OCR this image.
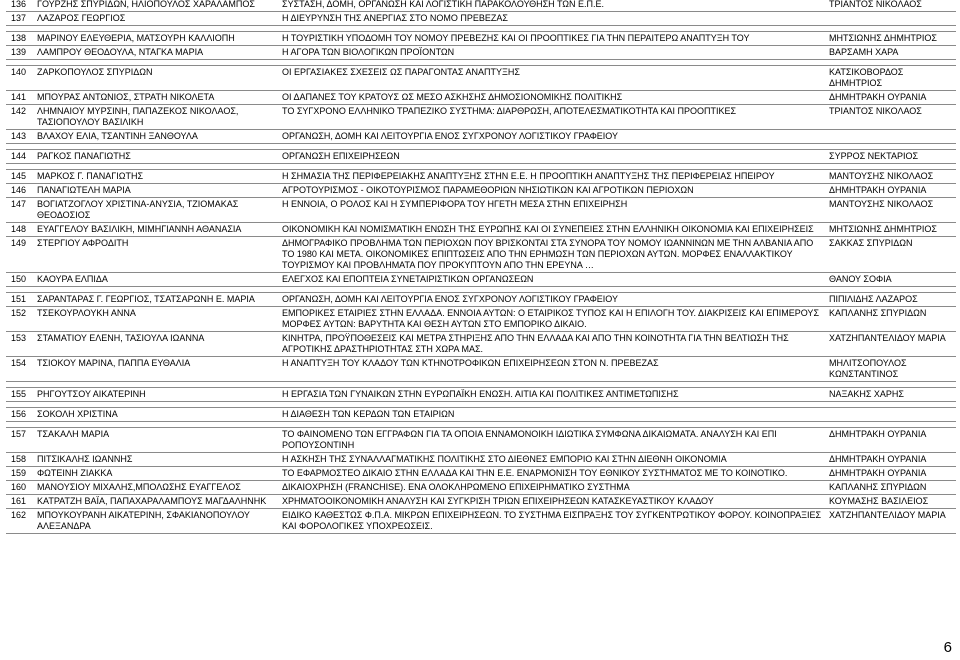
136	ΓΟΥΡΖΗΣ ΣΠΥΡΙΔΩΝ, ΗΛΙΟΠΟΥΛΟΣ ΧΑΡΑΛΑΜΠΟΣ	ΣΥΣΤΑΣΗ, ΔΟΜΗ, ΟΡΓΑΝΩΣΗ ΚΑΙ ΛΟΓΙΣΤΙΚΗ ΠΑΡΑΚΟΛΟΥΘΗΣΗ ΤΩΝ Ε.Π.Ε.	ΤΡΙΑΝΤΟΣ ΝΙΚΟΛΑΟΣ
137	ΛΑΖΑΡΟΣ ΓΕΩΡΓΙΟΣ	Η ΔΙΕΥΡΥΝΣΗ ΤΗΣ ΑΝΕΡΓΙΑΣ ΣΤΟ ΝΟΜΟ ΠΡΕΒΕΖΑΣ	

138	ΜΑΡΙΝΟΥ ΕΛΕΥΘΕΡΙΑ, ΜΑΤΣΟΥΡΗ ΚΑΛΛΙΟΠΗ	Η ΤΟΥΡΙΣΤΙΚΗ ΥΠΟΔΟΜΗ ΤΟΥ ΝΟΜΟΥ ΠΡΕΒΕΖΗΣ ΚΑΙ ΟΙ ΠΡΟΟΠΤΙΚΕΣ ΓΙΑ ΤΗΝ ΠΕΡΑΙΤΕΡΩ ΑΝΑΠΤΥΞΗ ΤΟΥ	ΜΗΤΣΙΩΝΗΣ ΔΗΜΗΤΡΙΟΣ
139	ΛΑΜΠΡΟΥ ΘΕΟΔΟΥΛΑ, ΝΤΑΓΚΑ ΜΑΡΙΑ	Η ΑΓΟΡΑ ΤΩΝ ΒΙΟΛΟΓΙΚΩΝ ΠΡΟΪΟΝΤΩΝ	ΒΑΡΣΑΜΗ ΧΑΡΑ

140	ΖΑΡΚΟΠΟΥΛΟΣ ΣΠΥΡΙΔΩΝ	ΟΙ ΕΡΓΑΣΙΑΚΕΣ ΣΧΕΣΕΙΣ ΩΣ ΠΑΡΑΓΟΝΤΑΣ ΑΝΑΠΤΥΞΗΣ	ΚΑΤΣΙΚΟΒΟΡΔΟΣ ΔΗΜΗΤΡΙΟΣ
141	ΜΠΟΥΡΑΣ ΑΝΤΩΝΙΟΣ, ΣΤΡΑΤΗ ΝΙΚΟΛΕΤΑ	ΟΙ ΔΑΠΑΝΕΣ ΤΟΥ ΚΡΑΤΟΥΣ ΩΣ ΜΕΣΟ ΑΣΚΗΣΗΣ ΔΗΜΟΣΙΟΝΟΜΙΚΗΣ ΠΟΛΙΤΙΚΗΣ	ΔΗΜΗΤΡΑΚΗ ΟΥΡΑΝΙΑ
142	ΛΗΜΝΑΙΟΥ ΜΥΡΣΙΝΗ, ΠΑΠΑΖΕΚΟΣ ΝΙΚΟΛΑΟΣ, ΤΑΣΙΟΠΟΥΛΟΥ ΒΑΣΙΛΙΚΗ	ΤΟ ΣΥΓΧΡΟΝΟ ΕΛΛΗΝΙΚΟ ΤΡΑΠΕΖΙΚΟ ΣΥΣΤΗΜΑ: ΔΙΑΡΘΡΩΣΗ, ΑΠΟΤΕΛΕΣΜΑΤΙΚΟΤΗΤΑ ΚΑΙ ΠΡΟΟΠΤΙΚΕΣ	ΤΡΙΑΝΤΟΣ ΝΙΚΟΛΑΟΣ
143	ΒΛΑΧΟΥ ΕΛΙΑ, ΤΣΑΝΤΙΝΗ ΞΑΝΘΟΥΛΑ	ΟΡΓΑΝΩΣΗ, ΔΟΜΗ ΚΑΙ ΛΕΙΤΟΥΡΓΙΑ ΕΝΟΣ ΣΥΓΧΡΟΝΟΥ ΛΟΓΙΣΤΙΚΟΥ ΓΡΑΦΕΙΟΥ	

144	ΡΑΓΚΟΣ ΠΑΝΑΓΙΩΤΗΣ	ΟΡΓΑΝΩΣΗ ΕΠΙΧΕΙΡΗΣΕΩΝ	ΣΥΡΡΟΣ ΝΕΚΤΑΡΙΟΣ

145	ΜΑΡΚΟΣ Γ. ΠΑΝΑΓΙΩΤΗΣ	Η ΣΗΜΑΣΙΑ ΤΗΣ ΠΕΡΙΦΕΡΕΙΑΚΗΣ ΑΝΑΠΤΥΞΗΣ ΣΤΗΝ Ε.Ε. Η ΠΡΟΟΠΤΙΚΗ ΑΝΑΠΤΥΞΗΣ ΤΗΣ ΠΕΡΙΦΕΡΕΙΑΣ ΗΠΕΙΡΟΥ	ΜΑΝΤΟΥΣΗΣ ΝΙΚΟΛΑΟΣ
146	ΠΑΝΑΓΙΩΤΕΛΗ ΜΑΡΙΑ	ΑΓΡΟΤΟΥΡΙΣΜΟΣ - ΟΙΚΟΤΟΥΡΙΣΜΟΣ ΠΑΡΑΜΕΘΟΡΙΩΝ ΝΗΣΙΩΤΙΚΩΝ ΚΑΙ ΑΓΡΟΤΙΚΩΝ ΠΕΡΙΟΧΩΝ	ΔΗΜΗΤΡΑΚΗ ΟΥΡΑΝΙΑ
147	ΒΟΓΙΑΤΖΟΓΛΟΥ ΧΡΙΣΤΙΝΑ-ΑΝΥΣΙΑ, ΤΖΙΟΜΑΚΑΣ ΘΕΟΔΟΣΙΟΣ	Η ΕΝΝΟΙΑ, Ο ΡΟΛΟΣ ΚΑΙ Η ΣΥΜΠΕΡΙΦΟΡΑ ΤΟΥ ΗΓΕΤΗ ΜΕΣΑ ΣΤΗΝ ΕΠΙΧΕΙΡΗΣΗ	ΜΑΝΤΟΥΣΗΣ ΝΙΚΟΛΑΟΣ
148	ΕΥΑΓΓΕΛΟΥ ΒΑΣΙΛΙΚΗ, ΜΙΜΗΓΙΑΝΝΗ ΑΘΑΝΑΣΙΑ	ΟΙΚΟΝΟΜΙΚΗ ΚΑΙ ΝΟΜΙΣΜΑΤΙΚΗ ΕΝΩΣΗ ΤΗΣ ΕΥΡΩΠΗΣ ΚΑΙ ΟΙ ΣΥΝΕΠΕΙΕΣ ΣΤΗΝ ΕΛΛΗΝΙΚΗ ΟΙΚΟΝΟΜΙΑ ΚΑΙ ΕΠΙΧΕΙΡΗΣΕΙΣ	ΜΗΤΣΙΩΝΗΣ ΔΗΜΗΤΡΙΟΣ
149	ΣΤΕΡΓΙΟΥ ΑΦΡΟΔΙΤΗ	ΔΗΜΟΓΡΑΦΙΚΟ ΠΡΟΒΛΗΜΑ ΤΩΝ ΠΕΡΙΟΧΩΝ ΠΟΥ ΒΡΙΣΚΟΝΤΑΙ ΣΤΑ ΣΥΝΟΡΑ ΤΟΥ ΝΟΜΟΥ ΙΩΑΝΝΙΝΩΝ ΜΕ ΤΗΝ ΑΛΒΑΝΙΑ ΑΠΟ ΤΟ 1980 ΚΑΙ ΜΕΤΑ. ΟΙΚΟΝΟΜΙΚΕΣ ΕΠΙΠΤΩΣΕΙΣ ΑΠΟ ΤΗΝ ΕΡΗΜΩΣΗ ΤΩΝ ΠΕΡΙΟΧΩΝ ΑΥΤΩΝ. ΜΟΡΦΕΣ ΕΝΑΛΛΑΚΤΙΚΟΥ ΤΟΥΡΙΣΜΟΥ ΚΑΙ ΠΡΟΒΛΗΜΑΤΑ ΠΟΥ ΠΡΟΚΥΠΤΟΥΝ ΑΠΟ ΤΗΝ ΕΡΕΥΝΑ …	ΣΑΚΚΑΣ ΣΠΥΡΙΔΩΝ
150	ΚΑΟΥΡΑ ΕΛΠΙΔΑ	ΕΛΕΓΧΟΣ ΚΑΙ ΕΠΟΠΤΕΙΑ ΣΥΝΕΤΑΙΡΙΣΤΙΚΩΝ ΟΡΓΑΝΩΣΕΩΝ	ΘΑΝΟΥ ΣΟΦΙΑ

151	ΣΑΡΑΝΤΑΡΑΣ Γ. ΓΕΩΡΓΙΟΣ, ΤΣΑΤΣΑΡΩΝΗ Ε. ΜΑΡΙΑ	ΟΡΓΑΝΩΣΗ, ΔΟΜΗ ΚΑΙ ΛΕΙΤΟΥΡΓΙΑ ΕΝΟΣ ΣΥΓΧΡΟΝΟΥ ΛΟΓΙΣΤΙΚΟΥ ΓΡΑΦΕΙΟΥ	ΠΙΠΙΛΙΔΗΣ ΛΑΖΑΡΟΣ
152	ΤΣΕΚΟΥΡΛΟΥΚΗ ΑΝΝΑ	ΕΜΠΟΡΙΚΕΣ ΕΤΑΙΡΙΕΣ ΣΤΗΝ ΕΛΛΑΔΑ. ΕΝΝΟΙΑ ΑΥΤΩΝ: Ο ΕΤΑΙΡΙΚΟΣ ΤΥΠΟΣ ΚΑΙ Η ΕΠΙΛΟΓΗ ΤΟΥ. ΔΙΑΚΡΙΣΕΙΣ ΚΑΙ ΕΠΙΜΕΡΟΥΣ ΜΟΡΦΕΣ ΑΥΤΩΝ: ΒΑΡΥΤΗΤΑ ΚΑΙ ΘΕΣΗ ΑΥΤΩΝ ΣΤΟ ΕΜΠΟΡΙΚΟ ΔΙΚΑΙΟ.	ΚΑΠΛΑΝΗΣ ΣΠΥΡΙΔΩΝ
153	ΣΤΑΜΑΤΙΟΥ ΕΛΕΝΗ, ΤΑΣΙΟΥΛΑ ΙΩΑΝΝΑ	ΚΙΝΗΤΡΑ, ΠΡΟΫΠΟΘΕΣΕΙΣ ΚΑΙ ΜΕΤΡΑ ΣΤΗΡΙΞΗΣ ΑΠΟ ΤΗΝ ΕΛΛΑΔΑ ΚΑΙ ΑΠΟ ΤΗΝ ΚΟΙΝΟΤΗΤΑ ΓΙΑ ΤΗΝ ΒΕΛΤΙΩΣΗ ΤΗΣ ΑΓΡΟΤΙΚΗΣ ΔΡΑΣΤΗΡΙΟΤΗΤΑΣ ΣΤΗ ΧΩΡΑ ΜΑΣ.	ΧΑΤΖΗΠΑΝΤΕΛΙΔΟΥ ΜΑΡΙΑ
154	ΤΣΙΟΚΟΥ ΜΑΡΙΝΑ, ΠΑΠΠΑ ΕΥΘΑΛΙΑ	Η ΑΝΑΠΤΥΞΗ ΤΟΥ ΚΛΑΔΟΥ ΤΩΝ ΚΤΗΝΟΤΡΟΦΙΚΩΝ ΕΠΙΧΕΙΡΗΣΕΩΝ ΣΤΟΝ Ν. ΠΡΕΒΕΖΑΣ	ΜΗΛΙΤΣΟΠΟΥΛΟΣ ΚΩΝΣΤΑΝΤΙΝΟΣ

155	ΡΗΓΟΥΤΣΟΥ ΑΙΚΑΤΕΡΙΝΗ	Η ΕΡΓΑΣΙΑ ΤΩΝ ΓΥΝΑΙΚΩΝ ΣΤΗΝ ΕΥΡΩΠΑΪΚΗ ΕΝΩΣΗ. ΑΙΤΙΑ ΚΑΙ ΠΟΛΙΤΙΚΕΣ ΑΝΤΙΜΕΤΩΠΙΣΗΣ	ΝΑΞΑΚΗΣ ΧΑΡΗΣ

156	ΣΟΚΟΛΗ ΧΡΙΣΤΙΝΑ	Η ΔΙΑΘΕΣΗ ΤΩΝ ΚΕΡΔΩΝ ΤΩΝ ΕΤΑΙΡΙΩΝ	

157	ΤΣΑΚΑΛΗ ΜΑΡΙΑ	ΤΟ ΦΑΙΝΟΜΕΝΟ ΤΩΝ ΕΓΓΡΑΦΩΝ ΓΙΑ ΤΑ ΟΠΟΙΑ ΕΝΝΑΜΟΝΟΙΚΗ ΙΔΙΩΤΙΚΑ ΣΥΜΦΩΝΑ ΔΙΚΑΙΩΜΑΤΑ. ΑΝΑΛΥΣΗ ΚΑΙ ΕΠΙ ΡΟΠΟΥΣΟΝΤΙΝΗ	ΔΗΜΗΤΡΑΚΗ ΟΥΡΑΝΙΑ
158	ΠΙΤΣΙΚΑΛΗΣ ΙΩΑΝΝΗΣ	Η ΑΣΚΗΣΗ ΤΗΣ ΣΥΝΑΛΛΑΓΜΑΤΙΚΗΣ ΠΟΛΙΤΙΚΗΣ ΣΤΟ ΔΙΕΘΝΕΣ ΕΜΠΟΡΙΟ ΚΑΙ ΣΤΗΝ ΔΙΕΘΝΗ ΟΙΚΟΝΟΜΙΑ	ΔΗΜΗΤΡΑΚΗ ΟΥΡΑΝΙΑ
159	ΦΩΤΕΙΝΗ ΖΙΑΚΚΑ	ΤΟ ΕΦΑΡΜΟΣΤΕΟ ΔΙΚΑΙΟ ΣΤΗΝ ΕΛΛΑΔΑ ΚΑΙ ΤΗΝ Ε.Ε. ΕΝΑΡΜΟΝΙΣΗ ΤΟΥ ΕΘΝΙΚΟΥ ΣΥΣΤΗΜΑΤΟΣ ΜΕ ΤΟ ΚΟΙΝΟΤΙΚΟ.	ΔΗΜΗΤΡΑΚΗ ΟΥΡΑΝΙΑ
160	ΜΑΝΟΥΣΙΟΥ ΜΙΧΑΛΗΣ,ΜΠΟΛΩΣΗΣ ΕΥΑΓΓΕΛΟΣ	ΔΙΚΑΙΟΧΡΗΣΗ (FRANCHISE). ΕΝΑ ΟΛΟΚΛΗΡΩΜΕΝΟ ΕΠΙΧΕΙΡΗΜΑΤΙΚΟ ΣΥΣΤΗΜΑ	ΚΑΠΛΑΝΗΣ ΣΠΥΡΙΔΩΝ
161	ΚΑΤΡΑΤΖΗ ΒΑΪΑ, ΠΑΠΑΧΑΡΑΛΑΜΠΟΥΣ ΜΑΓΔΑΛΗΝΗΚ	ΧΡΗΜΑΤΟΟΙΚΟΝΟΜΙΚΗ ΑΝΑΛΥΣΗ ΚΑΙ ΣΥΓΚΡΙΣΗ ΤΡΙΩΝ ΕΠΙΧΕΙΡΗΣΕΩΝ ΚΑΤΑΣΚΕΥΑΣΤΙΚΟΥ ΚΛΑΔΟΥ	ΚΟΥΜΑΣΗΣ ΒΑΣΙΛΕΙΟΣ
162	ΜΠΟΥΚΟΥΡΑΝΗ ΑΙΚΑΤΕΡΙΝΗ, ΣΦΑΚΙΑΝΟΠΟΥΛΟΥ ΑΛΕΞΑΝΔΡΑ	ΕΙΔΙΚΟ ΚΑΘΕΣΤΩΣ Φ.Π.Α. ΜΙΚΡΩΝ ΕΠΙΧΕΙΡΗΣΕΩΝ. ΤΟ ΣΥΣΤΗΜΑ ΕΙΣΠΡΑΞΗΣ ΤΟΥ ΣΥΓΚΕΝΤΡΩΤΙΚΟΥ ΦΟΡΟΥ. ΚΟΙΝΟΠΡΑΞΙΕΣ ΚΑΙ ΦΟΡΟΛΟΓΙΚΕΣ ΥΠΟΧΡΕΩΣΕΙΣ.	ΧΑΤΖΗΠΑΝΤΕΛΙΔΟΥ ΜΑΡΙΑ
6
